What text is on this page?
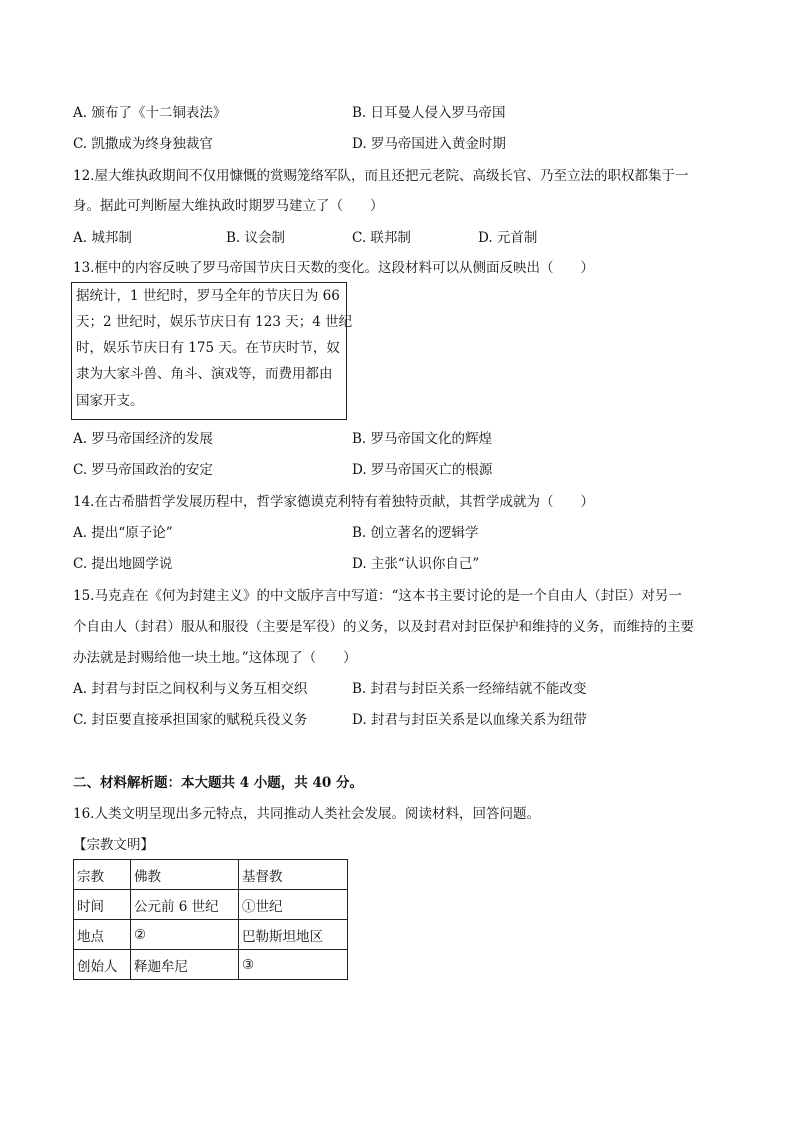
A. 颁布了《十二铜表法》	B. 日耳曼人侵入罗马帝国
C. 凯撒成为终身独裁官	D. 罗马帝国进入黄金时期
12.屋大维执政期间不仅用慷慨的赏赐笼络军队，而且还把元老院、高级长官、乃至立法的职权都集于一
身。据此可判断屋大维执政时期罗马建立了（　　）
A. 城邦制	B. 议会制	C. 联邦制	D. 元首制
13.框中的内容反映了罗马帝国节庆日天数的变化。这段材料可以从侧面反映出（　　）
据统计，1 世纪时，罗马全年的节庆日为 66
天；2 世纪时，娱乐节庆日有 123 天；4 世纪
时，娱乐节庆日有 175 天。在节庆时节，奴
隶为大家斗兽、角斗、演戏等，而费用都由
国家开支。
A. 罗马帝国经济的发展	B. 罗马帝国文化的辉煌
C. 罗马帝国政治的安定	D. 罗马帝国灭亡的根源
14.在古希腊哲学发展历程中，哲学家德谟克利特有着独特贡献，其哲学成就为（　　）
A. 提出“原子论”	B. 创立著名的逻辑学
C. 提出地圆学说	D. 主张“认识你自己”
15.马克垚在《何为封建主义》的中文版序言中写道：“这本书主要讨论的是一个自由人（封臣）对另一
个自由人（封君）服从和服役（主要是军役）的义务，以及封君对封臣保护和维持的义务，而维持的主要
办法就是封赐给他一块土地。”这体现了（　　）
A. 封君与封臣之间权利与义务互相交织	B. 封君与封臣关系一经缔结就不能改变
C. 封臣要直接承担国家的赋税兵役义务	D. 封君与封臣关系是以血缘关系为纽带
二、材料解析题：本大题共 4 小题，共 40 分。
16.人类文明呈现出多元特点，共同推动人类社会发展。阅读材料，回答问题。
【宗教文明】
宗教	佛教	基督教
时间	公元前 6 世纪	①世纪
地点	②	巴勒斯坦地区
创始人	释迦牟尼	③
